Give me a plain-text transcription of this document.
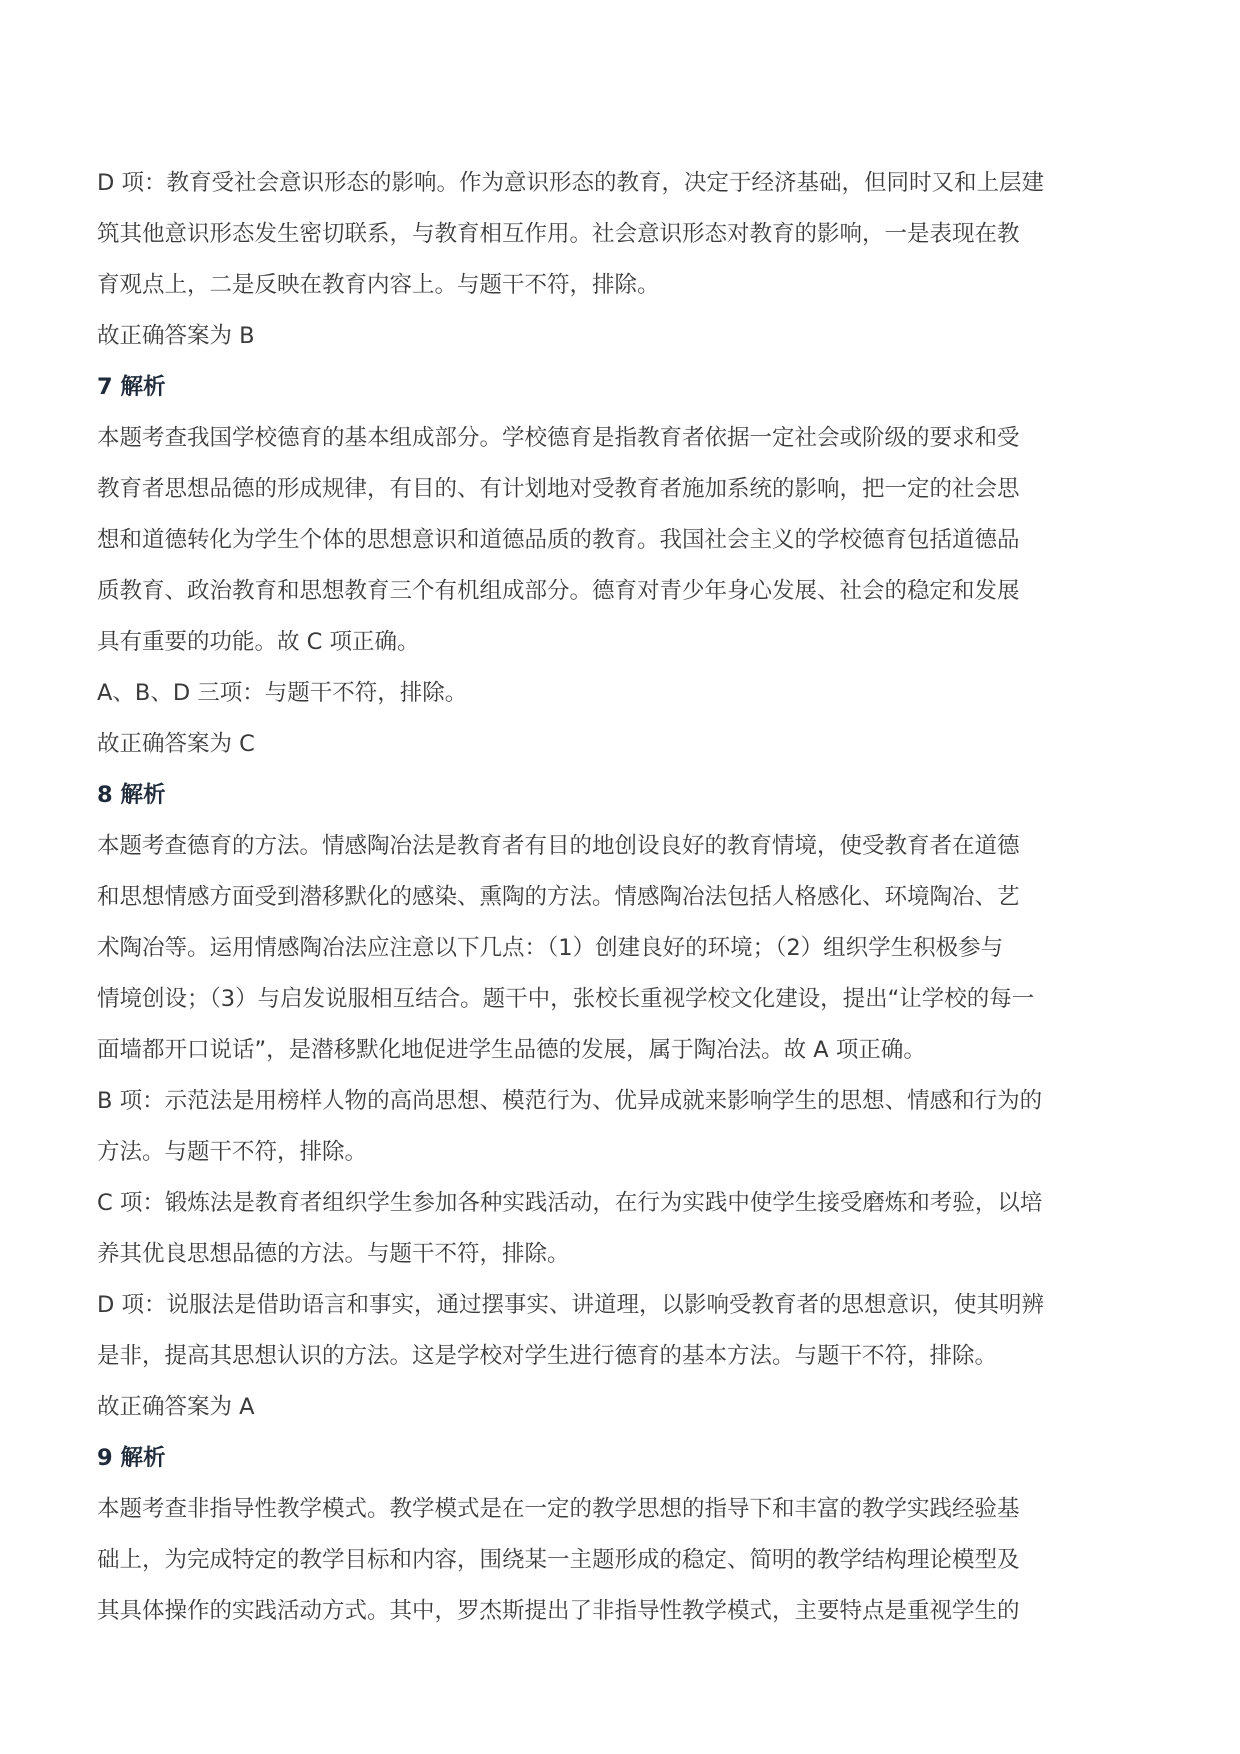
D 项：教育受社会意识形态的影响。作为意识形态的教育，决定于经济基础，但同时又和上层建
筑其他意识形态发生密切联系，与教育相互作用。社会意识形态对教育的影响，一是表现在教
育观点上，二是反映在教育内容上。与题干不符，排除。
故正确答案为 B
7 解析
本题考查我国学校德育的基本组成部分。学校德育是指教育者依据一定社会或阶级的要求和受
教育者思想品德的形成规律，有目的、有计划地对受教育者施加系统的影响，把一定的社会思
想和道德转化为学生个体的思想意识和道德品质的教育。我国社会主义的学校德育包括道德品
质教育、政治教育和思想教育三个有机组成部分。德育对青少年身心发展、社会的稳定和发展
具有重要的功能。故 C 项正确。
A、B、D 三项：与题干不符，排除。
故正确答案为 C
8 解析
本题考查德育的方法。情感陶冶法是教育者有目的地创设良好的教育情境，使受教育者在道德
和思想情感方面受到潜移默化的感染、熏陶的方法。情感陶冶法包括人格感化、环境陶冶、艺
术陶冶等。运用情感陶冶法应注意以下几点：（1）创建良好的环境；（2）组织学生积极参与
情境创设；（3）与启发说服相互结合。题干中，张校长重视学校文化建设，提出“让学校的每一
面墙都开口说话”，是潜移默化地促进学生品德的发展，属于陶冶法。故 A 项正确。
B 项：示范法是用榜样人物的高尚思想、模范行为、优异成就来影响学生的思想、情感和行为的
方法。与题干不符，排除。
C 项：锻炼法是教育者组织学生参加各种实践活动，在行为实践中使学生接受磨炼和考验，以培
养其优良思想品德的方法。与题干不符，排除。
D 项：说服法是借助语言和事实，通过摆事实、讲道理，以影响受教育者的思想意识，使其明辨
是非，提高其思想认识的方法。这是学校对学生进行德育的基本方法。与题干不符，排除。
故正确答案为 A
9 解析
本题考查非指导性教学模式。教学模式是在一定的教学思想的指导下和丰富的教学实践经验基
础上，为完成特定的教学目标和内容，围绕某一主题形成的稳定、简明的教学结构理论模型及
其具体操作的实践活动方式。其中，罗杰斯提出了非指导性教学模式，主要特点是重视学生的
